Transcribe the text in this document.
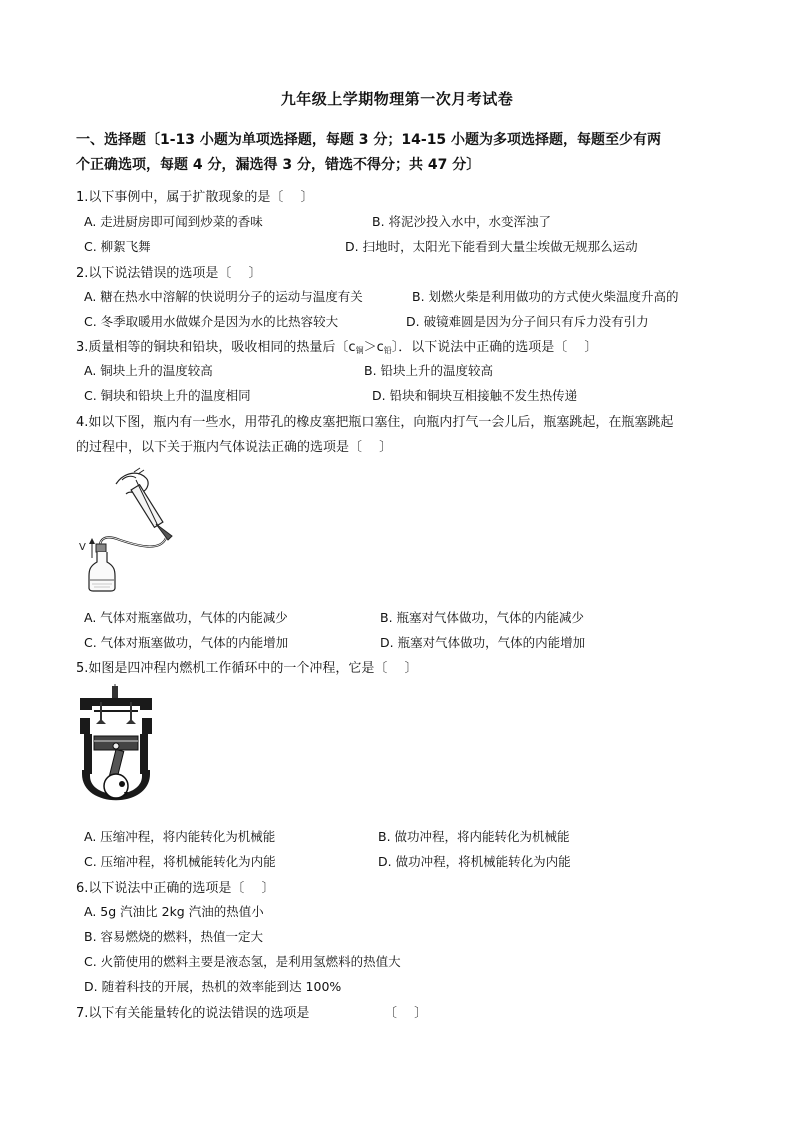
九年级上学期物理第一次月考试卷
一、选择题〔1-13 小题为单项选择题，每题 3 分；14-15 小题为多项选择题，每题至少有两
个正确选项，每题 4 分，漏选得 3 分，错选不得分；共 47 分〕
1.以下事例中，属于扩散现象的是〔　 〕
A. 走进厨房即可闻到炒菜的香味	B. 将泥沙投入水中，水变浑浊了
C. 柳絮飞舞	D. 扫地时，太阳光下能看到大量尘埃做无规那么运动
2.以下说法错误的选项是〔　 〕
A. 糖在热水中溶解的快说明分子的运动与温度有关	B. 划燃火柴是利用做功的方式使火柴温度升高的
C. 冬季取暖用水做媒介是因为水的比热容较大	D. 破镜难圆是因为分子间只有斥力没有引力
3.质量相等的铜块和铅块，吸收相同的热量后〔$c_铜>c_铅$〕．以下说法中正确的选项是〔　 〕
A. 铜块上升的温度较高	B. 铅块上升的温度较高
C. 铜块和铅块上升的温度相同	D. 铅块和铜块互相接触不发生热传递
4.如以下图，瓶内有一些水，用带孔的橡皮塞把瓶口塞住，向瓶内打气一会儿后，瓶塞跳起，在瓶塞跳起
的过程中，以下关于瓶内气体说法正确的选项是〔　 〕
V
A. 气体对瓶塞做功，气体的内能减少	B. 瓶塞对气体做功，气体的内能减少
C. 气体对瓶塞做功，气体的内能增加	D. 瓶塞对气体做功，气体的内能增加
5.如图是四冲程内燃机工作循环中的一个冲程，它是〔　 〕
A. 压缩冲程，将内能转化为机械能	B. 做功冲程，将内能转化为机械能
C. 压缩冲程，将机械能转化为内能	D. 做功冲程，将机械能转化为内能
6.以下说法中正确的选项是〔　 〕
A. 5g 汽油比 2kg 汽油的热值小
B. 容易燃烧的燃料，热值一定大
C. 火箭使用的燃料主要是液态氢，是利用氢燃料的热值大
D. 随着科技的开展，热机的效率能到达 100%
7.以下有关能量转化的说法错误的选项是	〔　 〕
